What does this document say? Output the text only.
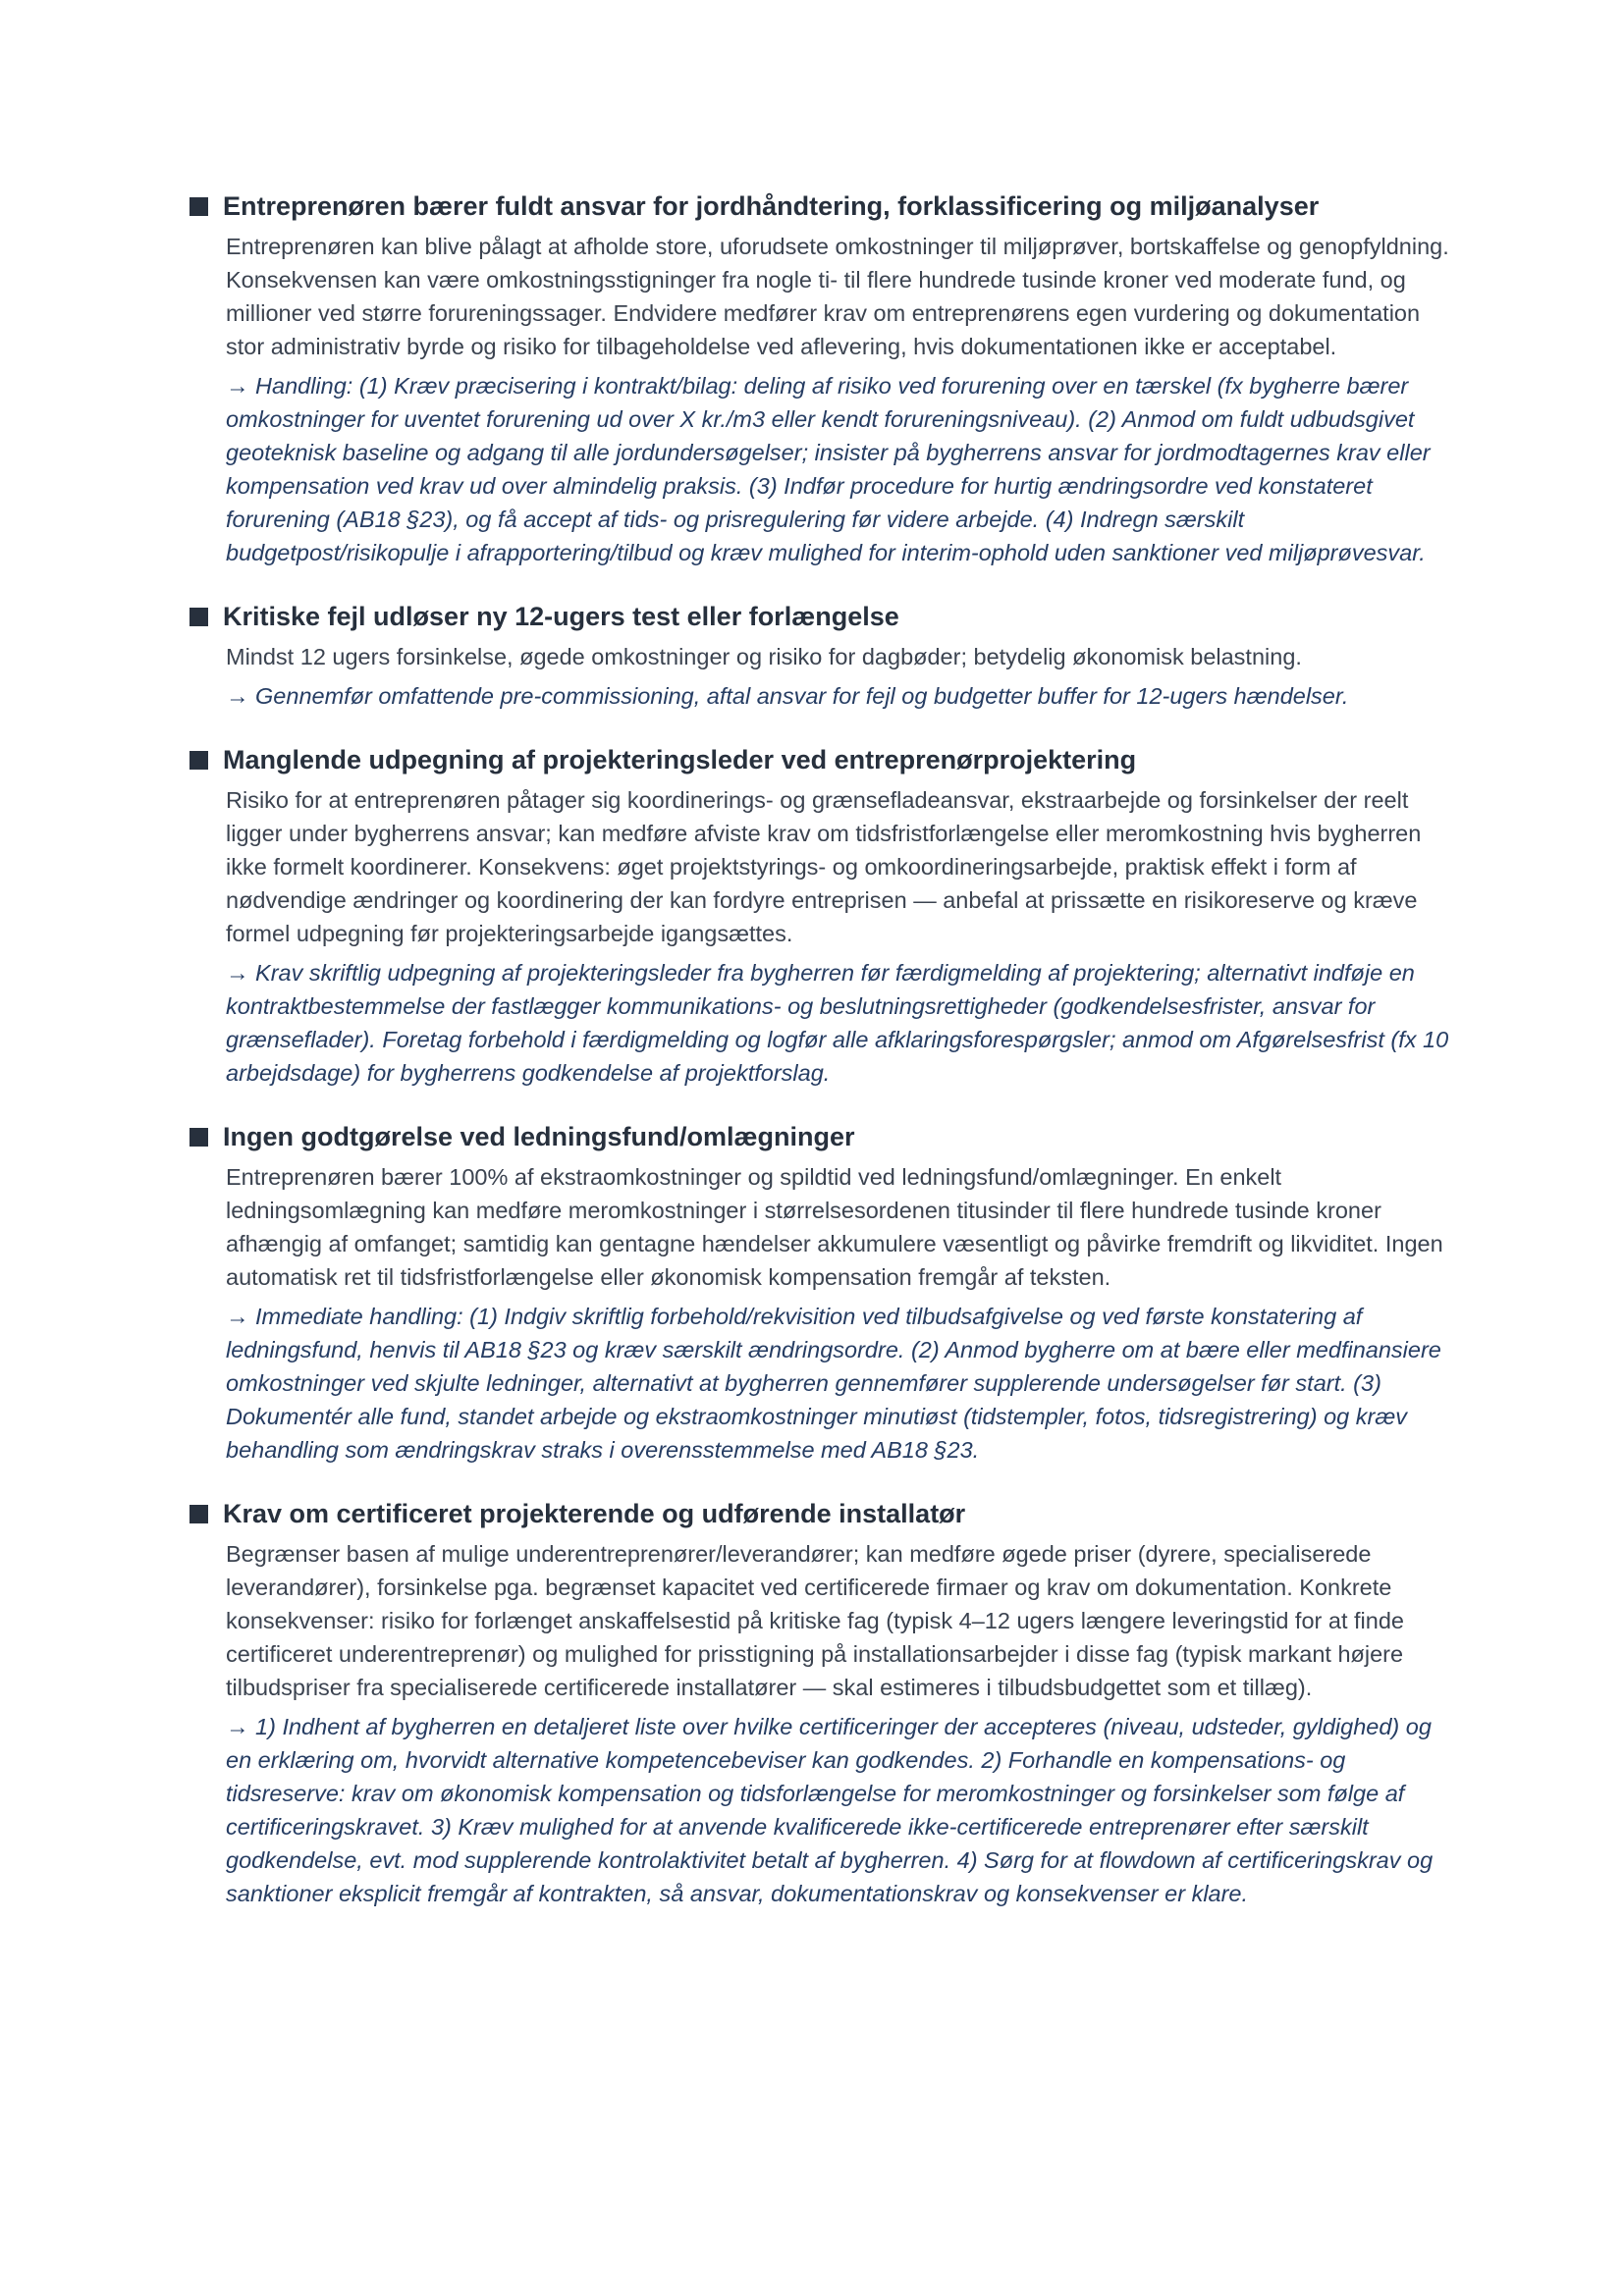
Entreprenøren bærer fuldt ansvar for jordhåndtering, forklassificering og miljøanalyser
Entreprenøren kan blive pålagt at afholde store, uforudsete omkostninger til miljøprøver, bortskaffelse og genopfyldning. Konsekvensen kan være omkostningsstigninger fra nogle ti- til flere hundrede tusinde kroner ved moderate fund, og millioner ved større forureningssager. Endvidere medfører krav om entreprenørens egen vurdering og dokumentation stor administrativ byrde og risiko for tilbageholdelse ved aflevering, hvis dokumentationen ikke er acceptabel.
→ Handling: (1) Kræv præcisering i kontrakt/bilag: deling af risiko ved forurening over en tærskel (fx bygherre bærer omkostninger for uventet forurening ud over X kr./m3 eller kendt forureningsniveau). (2) Anmod om fuldt udbudsgivet geoteknisk baseline og adgang til alle jordundersøgelser; insister på bygherrens ansvar for jordmodtagernes krav eller kompensation ved krav ud over almindelig praksis. (3) Indfør procedure for hurtig ændringsordre ved konstateret forurening (AB18 §23), og få accept af tids- og prisregulering før videre arbejde. (4) Indregn særskilt budgetpost/risikopulje i afrapportering/tilbud og kræv mulighed for interim-ophold uden sanktioner ved miljøprøvesvar.
Kritiske fejl udløser ny 12-ugers test eller forlængelse
Mindst 12 ugers forsinkelse, øgede omkostninger og risiko for dagbøder; betydelig økonomisk belastning.
→ Gennemfør omfattende pre-commissioning, aftal ansvar for fejl og budgetter buffer for 12-ugers hændelser.
Manglende udpegning af projekteringsleder ved entreprenørprojektering
Risiko for at entreprenøren påtager sig koordinerings- og grænsefladeansvar, ekstraarbejde og forsinkelser der reelt ligger under bygherrens ansvar; kan medføre afviste krav om tidsfristforlængelse eller meromkostning hvis bygherren ikke formelt koordinerer. Konsekvens: øget projektstyrings- og omkoordineringsarbejde, praktisk effekt i form af nødvendige ændringer og koordinering der kan fordyre entreprisen — anbefal at prissætte en risikoreserve og kræve formel udpegning før projekteringsarbejde igangsættes.
→ Krav skriftlig udpegning af projekteringsleder fra bygherren før færdigmelding af projektering; alternativt indføje en kontraktbestemmelse der fastlægger kommunikations- og beslutningsrettigheder (godkendelsesfrister, ansvar for grænseflader). Foretag forbehold i færdigmelding og logfør alle afklaringsforespørgsler; anmod om Afgørelsesfrist (fx 10 arbejdsdage) for bygherrens godkendelse af projektforslag.
Ingen godtgørelse ved ledningsfund/omlægninger
Entreprenøren bærer 100% af ekstraomkostninger og spildtid ved ledningsfund/omlægninger. En enkelt ledningsomlægning kan medføre meromkostninger i størrelsesordenen titusinder til flere hundrede tusinde kroner afhængig af omfanget; samtidig kan gentagne hændelser akkumulere væsentligt og påvirke fremdrift og likviditet. Ingen automatisk ret til tidsfristforlængelse eller økonomisk kompensation fremgår af teksten.
→ Immediate handling: (1) Indgiv skriftlig forbehold/rekvisition ved tilbudsafgivelse og ved første konstatering af ledningsfund, henvis til AB18 §23 og kræv særskilt ændringsordre. (2) Anmod bygherre om at bære eller medfinansiere omkostninger ved skjulte ledninger, alternativt at bygherren gennemfører supplerende undersøgelser før start. (3) Dokumentér alle fund, standet arbejde og ekstraomkostninger minutiøst (tidstempler, fotos, tidsregistrering) og kræv behandling som ændringskrav straks i overensstemmelse med AB18 §23.
Krav om certificeret projekterende og udførende installatør
Begrænser basen af mulige underentreprenører/leverandører; kan medføre øgede priser (dyrere, specialiserede leverandører), forsinkelse pga. begrænset kapacitet ved certificerede firmaer og krav om dokumentation. Konkrete konsekvenser: risiko for forlænget anskaffelsestid på kritiske fag (typisk 4–12 ugers længere leveringstid for at finde certificeret underentreprenør) og mulighed for prisstigning på installationsarbejder i disse fag (typisk markant højere tilbudspriser fra specialiserede certificerede installatører — skal estimeres i tilbudsbudgettet som et tillæg).
→ 1) Indhent af bygherren en detaljeret liste over hvilke certificeringer der accepteres (niveau, udsteder, gyldighed) og en erklæring om, hvorvidt alternative kompetencebeviser kan godkendes. 2) Forhandle en kompensations- og tidsreserve: krav om økonomisk kompensation og tidsforlængelse for meromkostninger og forsinkelser som følge af certificeringskravet. 3) Kræv mulighed for at anvende kvalificerede ikke-certificerede entreprenører efter særskilt godkendelse, evt. mod supplerende kontrolaktivitet betalt af bygherren. 4) Sørg for at flowdown af certificeringskrav og sanktioner eksplicit fremgår af kontrakten, så ansvar, dokumentationskrav og konsekvenser er klare.
